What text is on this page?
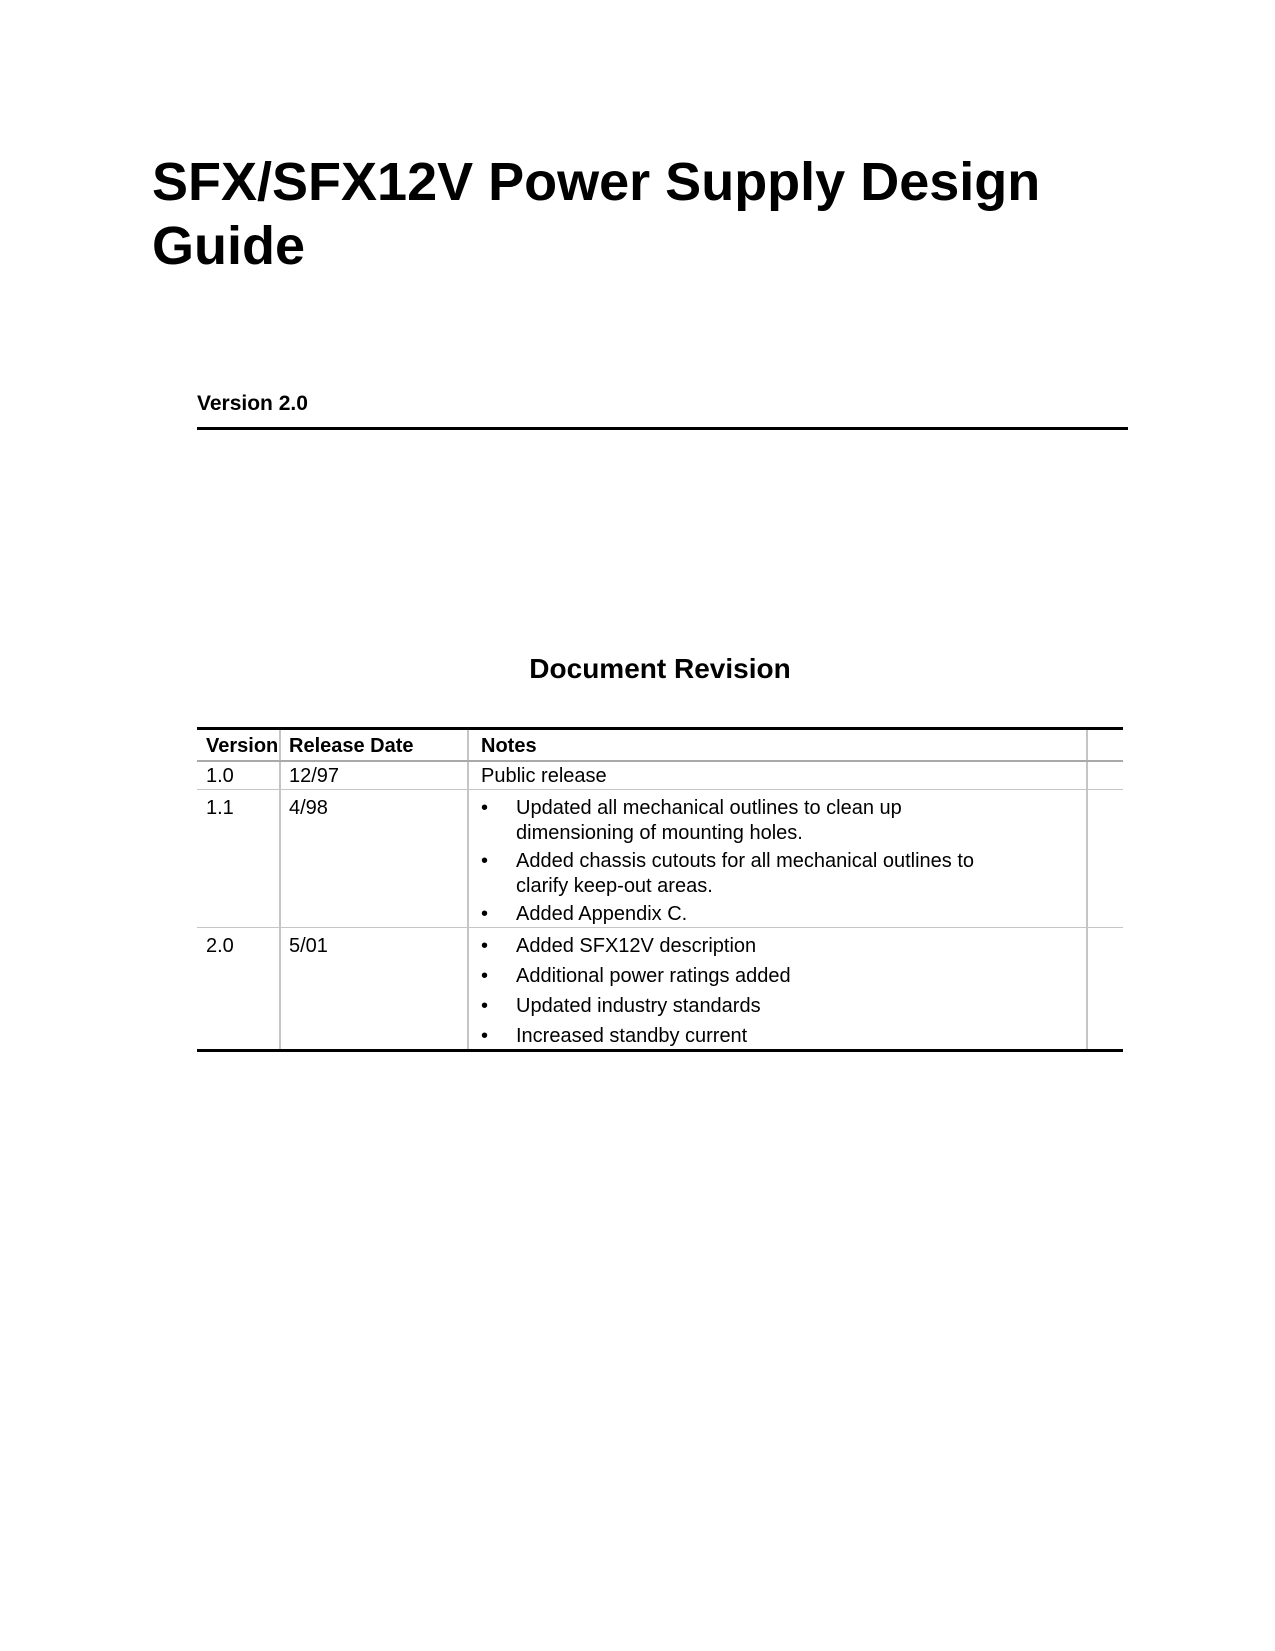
SFX/SFX12V Power Supply Design Guide
Version 2.0
Document Revision
Version	Release Date	Notes	
1.0	12/97	Public release	
1.1	4/98	
•Updated all mechanical outlines to clean up dimensioning of mounting holes.
• Added chassis cutouts for all mechanical outlines to clarify keep-out areas.
• Added Appendix C.

2.0	5/01	
•Added SFX12V description
• Additional power ratings added
• Updated industry standards
• Increased standby current
